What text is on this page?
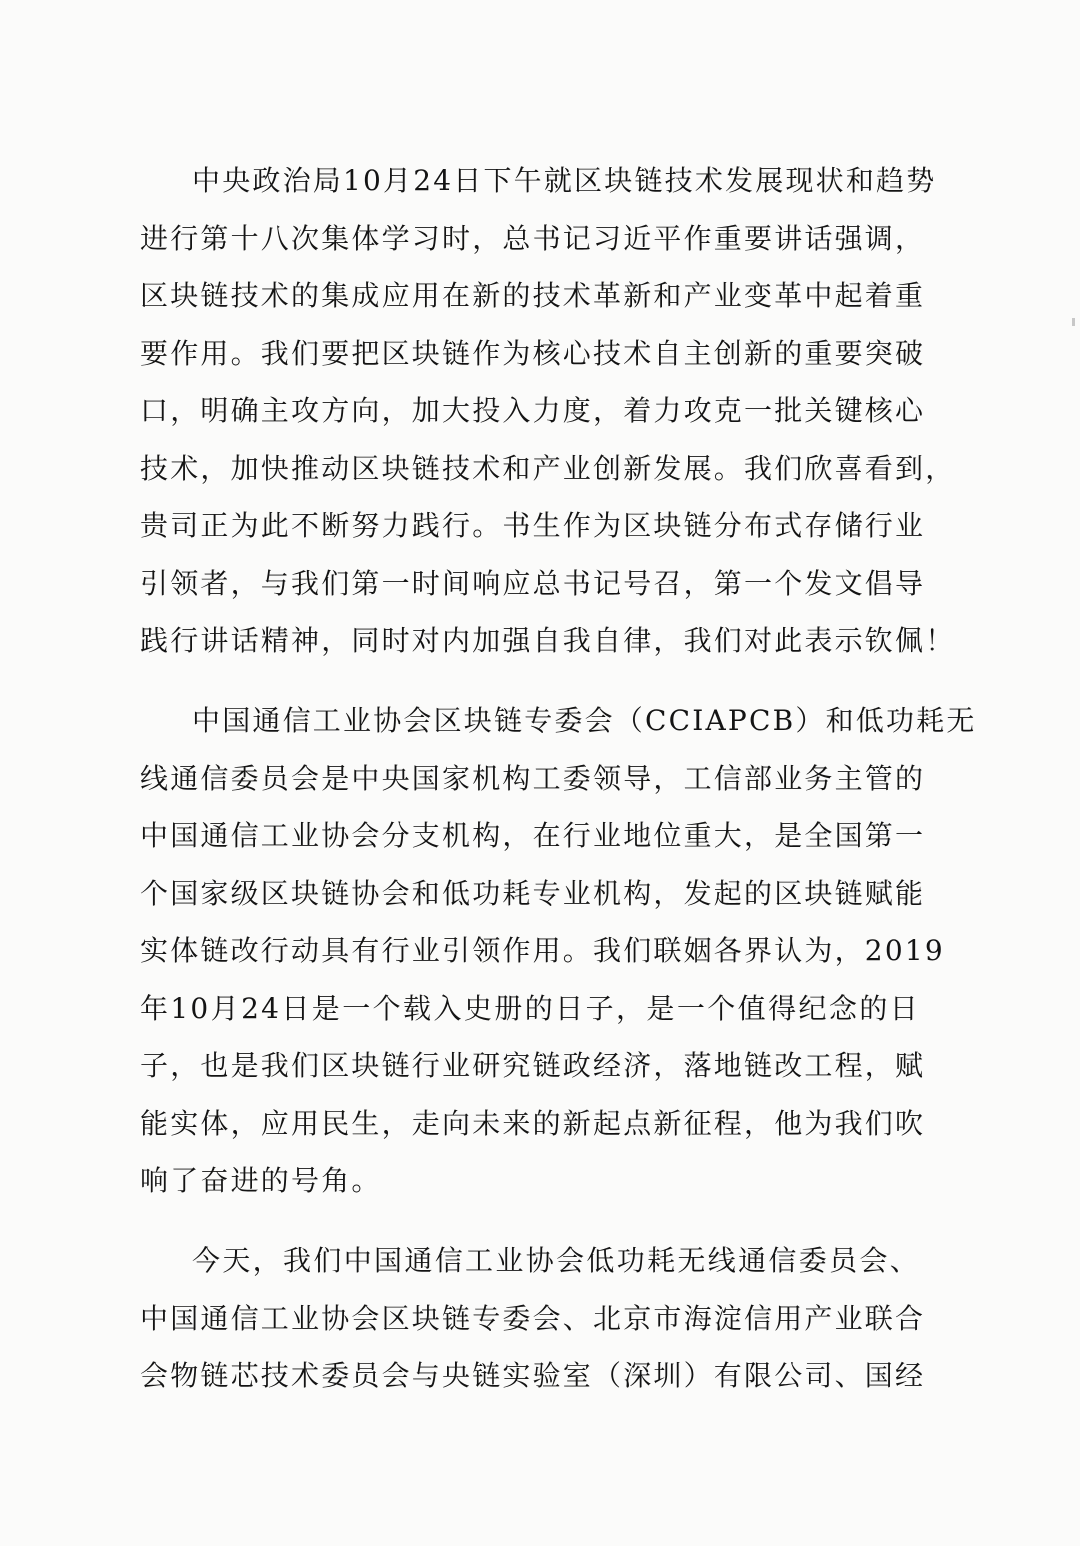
中央政治局10月24日下午就区块链技术发展现状和趋势
进行第十八次集体学习时，总书记习近平作重要讲话强调，
区块链技术的集成应用在新的技术革新和产业变革中起着重
要作用。我们要把区块链作为核心技术自主创新的重要突破
口，明确主攻方向，加大投入力度，着力攻克一批关键核心
技术，加快推动区块链技术和产业创新发展。我们欣喜看到，
贵司正为此不断努力践行。书生作为区块链分布式存储行业
引领者，与我们第一时间响应总书记号召，第一个发文倡导
践行讲话精神，同时对内加强自我自律，我们对此表示钦佩！
中国通信工业协会区块链专委会（CCIAPCB）和低功耗无
线通信委员会是中央国家机构工委领导，工信部业务主管的
中国通信工业协会分支机构，在行业地位重大，是全国第一
个国家级区块链协会和低功耗专业机构，发起的区块链赋能
实体链改行动具有行业引领作用。我们联姻各界认为，2019
年10月24日是一个载入史册的日子，是一个值得纪念的日
子，也是我们区块链行业研究链政经济，落地链改工程，赋
能实体，应用民生，走向未来的新起点新征程，他为我们吹
响了奋进的号角。
今天，我们中国通信工业协会低功耗无线通信委员会、
中国通信工业协会区块链专委会、北京市海淀信用产业联合
会物链芯技术委员会与央链实验室（深圳）有限公司、国经
